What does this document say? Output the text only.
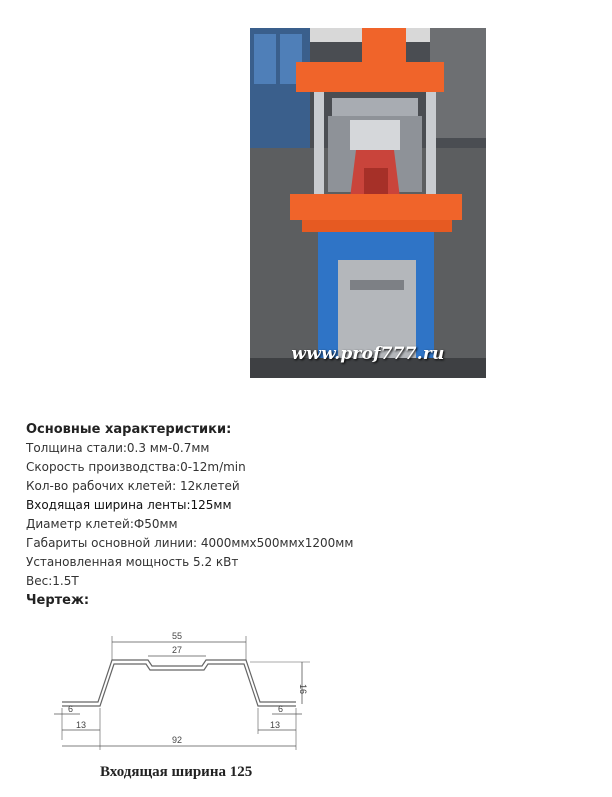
www.prof777.ru
Основные характеристики:
Толщина стали:0.3 мм-0.7мм
Скорость производства:0-12m/min
Кол-во рабочих клетей: 12клетей
Входящая ширина ленты:125мм
Диаметр клетей:Ф50мм
Габариты основной линии: 4000ммх500ммх1200мм
Установленная мощность 5.2 кВт
Вес:1.5Т
Чертеж:
55
27
16
6
13
92
6
13
Входящая ширина 125
